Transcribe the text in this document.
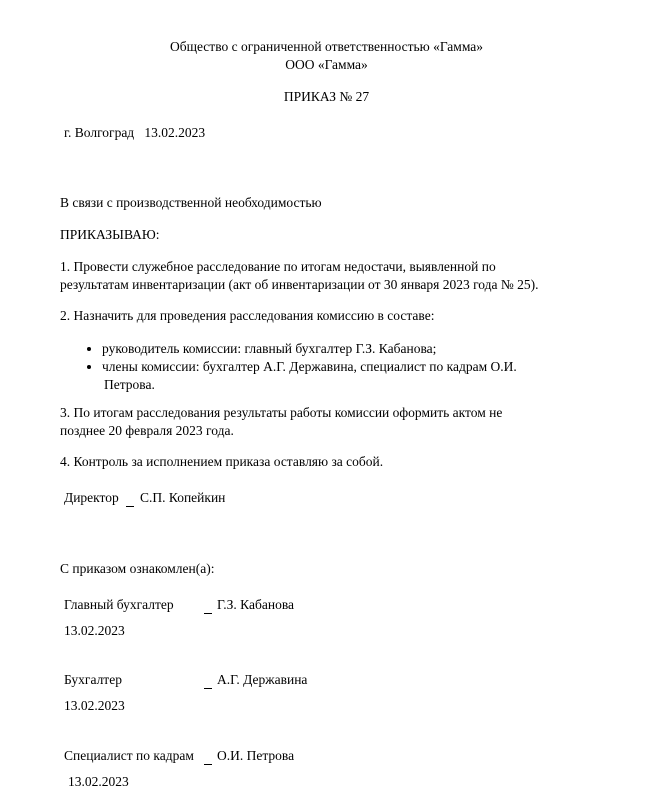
Общество с ограниченной ответственностью «Гамма»
ООО «Гамма»
ПРИКАЗ № 27
г. Волгоград 13.02.2023
В связи с производственной необходимостью
ПРИКАЗЫВАЮ:
1. Провести служебное расследование по итогам недостачи, выявленной по
результатам инвентаризации (акт об инвентаризации от 30 января 2023 года № 25).
2. Назначить для проведения расследования комиссию в составе:
руководитель комиссии: главный бухгалтер Г.З. Кабанова;
члены комиссии: бухгалтер А.Г. Державина, специалист по кадрам О.И.
Петрова.
3. По итогам расследования результаты работы комиссии оформить актом не
позднее 20 февраля 2023 года.
4. Контроль за исполнением приказа оставляю за собой.
Директор С.П. Копейкин
С приказом ознакомлен(а):
Главный бухгалтер	Г.З. Кабанова
13.02.2023
Бухгалтер	А.Г. Державина
13.02.2023
Специалист по кадрам О.И. Петрова
13.02.2023
